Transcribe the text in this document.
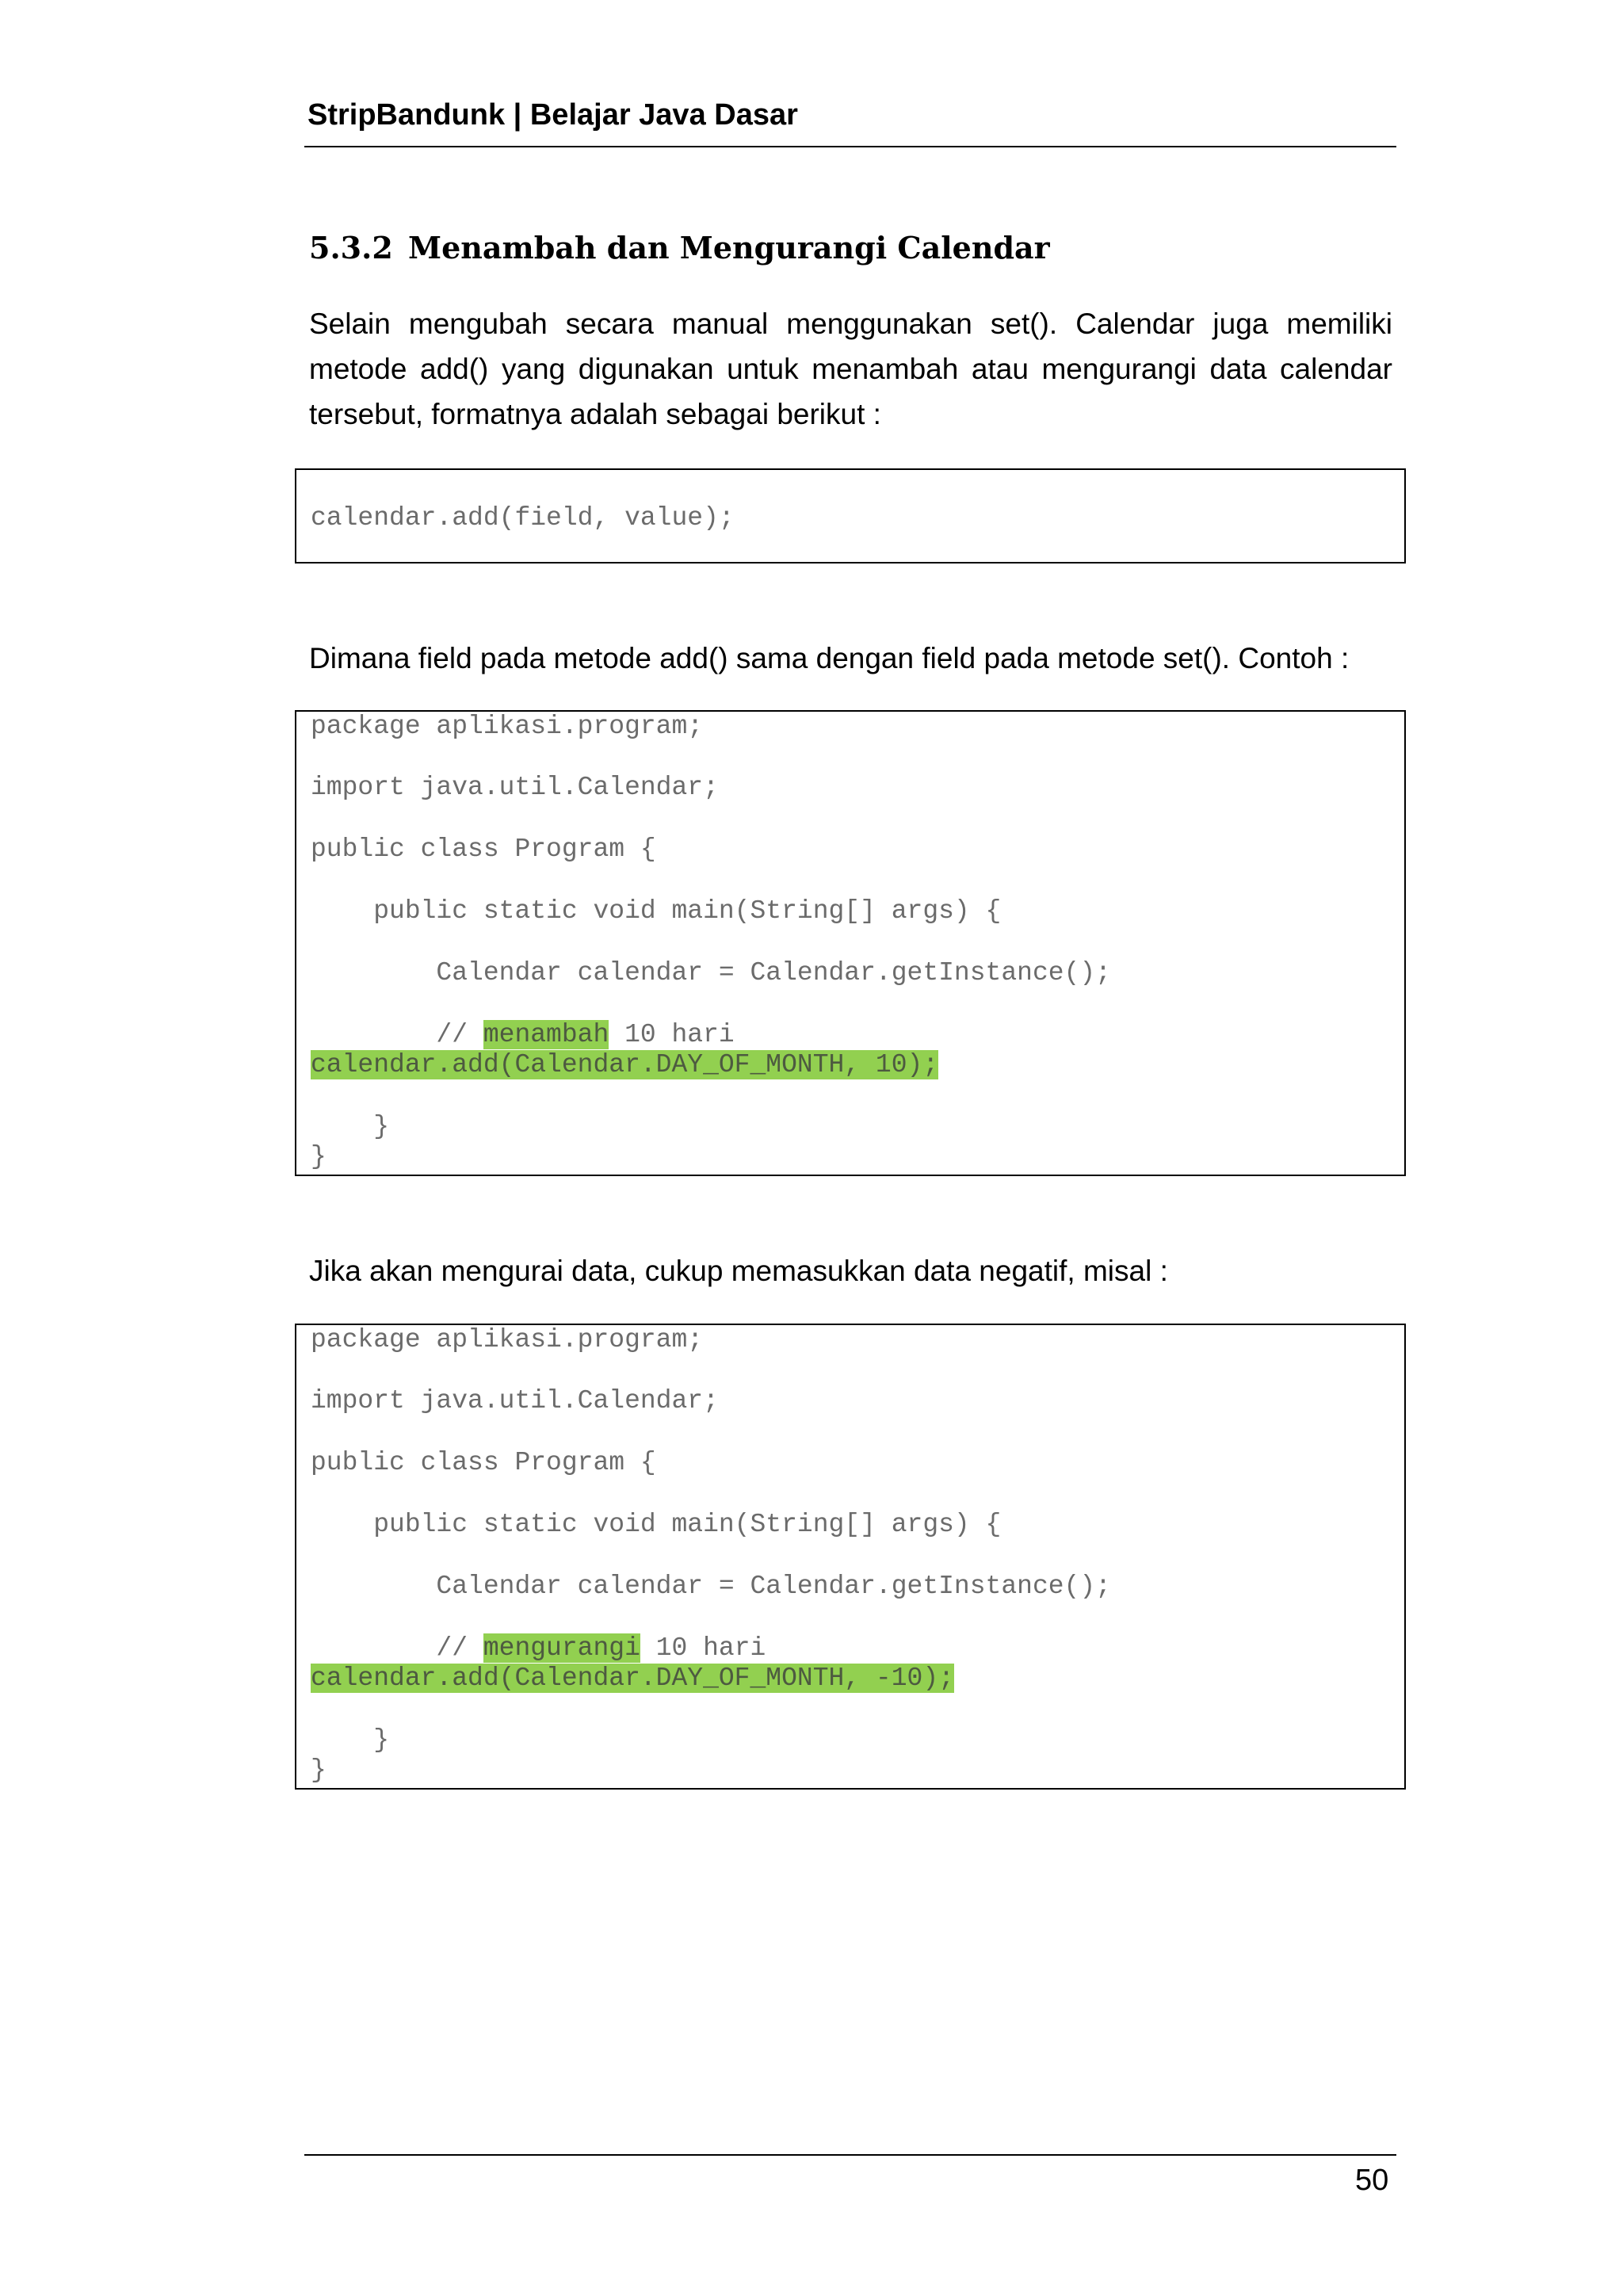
StripBandunk | Belajar Java Dasar
5.3.2 Menambah dan Mengurangi Calendar
Selain mengubah secara manual menggunakan set(). Calendar juga memiliki metode add() yang digunakan untuk menambah atau mengurangi data calendar tersebut, formatnya adalah sebagai berikut :
calendar.add(field, value);
Dimana field pada metode add() sama dengan field pada metode set(). Contoh :
package aplikasi.program;
import java.util.Calendar;
public class Program {
public static void main(String[] args) {
Calendar calendar = Calendar.getInstance();
// menambah 10 hari
calendar.add(Calendar.DAY_OF_MONTH, 10);
}
}
Jika akan mengurai data, cukup memasukkan data negatif, misal :
package aplikasi.program;
import java.util.Calendar;
public class Program {
public static void main(String[] args) {
Calendar calendar = Calendar.getInstance();
// mengurangi 10 hari
calendar.add(Calendar.DAY_OF_MONTH, -10);
}
}
50
